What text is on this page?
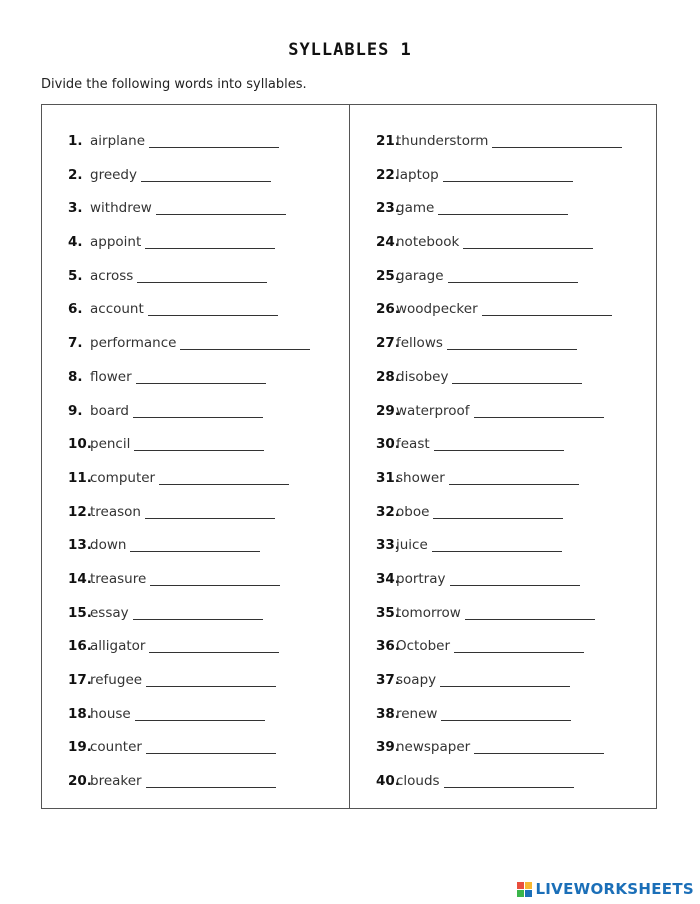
SYLLABLES 1
Divide the following words into syllables.
1. airplane
2. greedy
3. withdrew
4. appoint
5. across
6. account
7. performance
8. flower
9. board
10.
pencil
11.
computer
12.
treason
13.
down
14.
treasure
15.
essay
16.
alligator
17.
refugee
18.
house
19.
counter
20.
breaker
21.
thunderstorm
22.
laptop
23.
game
24.
notebook
25.
garage
26.
woodpecker
27.
fellows
28.
disobey
29.
waterproof
30.
feast
31.
shower
32.
oboe
33.
juice
34.
portray
35.
tomorrow
36.
October
37.
soapy
38.
renew
39.
newspaper
40.
clouds
LIVEWORKSHEETS
